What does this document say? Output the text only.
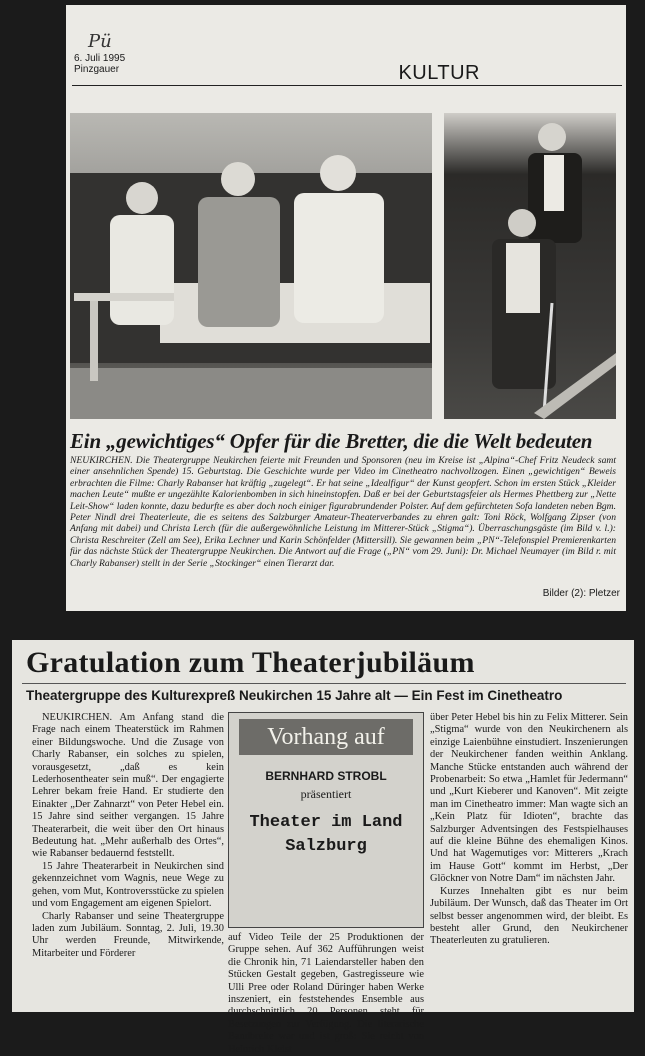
Pü
6. Juli 1995
Pinzgauer	KULTUR
Ein „gewichtiges“ Opfer für die Bretter, die die Welt bedeuten
NEUKIRCHEN. Die Theatergruppe Neukirchen feierte mit Freunden und Sponsoren (neu im Kreise ist „Alpina“-Chef Fritz Neudeck samt einer ansehnlichen Spende) 15. Geburtstag. Die Geschichte wurde per Video im Cinetheatro nachvollzogen. Einen „gewichtigen“ Beweis erbrachten die Filme: Charly Rabanser hat kräftig „zugelegt“. Er hat seine „Idealfigur“ der Kunst geopfert. Schon im ersten Stück „Kleider machen Leute“ mußte er ungezählte Kalorienbomben in sich hineinstopfen. Daß er bei der Geburtstagsfeier als Hermes Phettberg zur „Nette Leit-Show“ laden konnte, dazu bedurfte es aber doch noch einiger figurabrundender Polster. Auf dem gefürchteten Sofa landeten neben Bgm. Peter Nindl drei Theaterleute, die es seitens des Salzburger Amateur-Theaterverbandes zu ehren galt: Toni Röck, Wolfgang Zipser (von Anfang mit dabei) und Christa Lerch (für die außergewöhnliche Leistung im Mitterer-Stück „Stigma“). Überraschungsgäste (im Bild v. l.): Christa Reschreiter (Zell am See), Erika Lechner und Karin Schönfelder (Mittersill). Sie gewannen beim „PN“-Telefonspiel Premierenkarten für das nächste Stück der Theatergruppe Neukirchen. Die Antwort auf die Frage („PN“ vom 29. Juni): Dr. Michael Neumayer (im Bild r. mit Charly Rabanser) stellt in der Serie „Stockinger“ einen Tierarzt dar.
Bilder (2): Pletzer
Gratulation zum Theaterjubiläum
Theatergruppe des Kulturexpreß Neukirchen 15 Jahre alt — Ein Fest im Cinetheatro

NEUKIRCHEN. Am Anfang stand die Frage nach einem Theaterstück im Rahmen einer Bildungswoche. Und die Zusage von Charly Rabanser, ein solches zu spielen, vorausgesetzt, „daß es kein Lederhosentheater sein muß“. Der engagierte Lehrer bekam freie Hand. Er studierte den Einakter „Der Zahnarzt“ von Peter Hebel ein. 15 Jahre sind seither vergangen. 15 Jahre Theaterarbeit, die weit über den Ort hinaus Bedeutung hat. „Mehr außerhalb des Ortes“, wie Rabanser bedauernd feststellt.

15 Jahre Theaterarbeit in Neukirchen sind gekennzeichnet vom Wagnis, neue Wege zu gehen, vom Mut, Kontroversstücke zu spielen und vom Engagement am eigenen Spielort.

Charly Rabanser und seine Theatergruppe laden zum Jubiläum. Sonntag, 2. Juli, 19.30 Uhr werden Freunde, Mitwirkende, Mitarbeiter und Förderer

Vorhang auf
BERNHARD STROBL
präsentiert
Theater im Land Salzburg

auf Video Teile der 25 Produktionen der Gruppe sehen. Auf 362 Aufführungen weist die Chronik hin, 71 Laiendarsteller haben den Stücken Gestalt gegeben, Gastregisseure wie Ulli Pree oder Roland Düringer haben Werke inszeniert, ein feststehendes Ensemble aus durchschnittlich 20 Personen steht für Besetzungen zur Verfügung. Die literarische Bandbreite war und ist groß: Sie reicht von Heinrich Kleist

über Peter Hebel bis hin zu Felix Mitterer. Sein „Stigma“ wurde von den Neukirchenern als einzige Laienbühne einstudiert. Inszenierungen der Neukirchener fanden weithin Anklang. Manche Stücke entstanden auch während der Probenarbeit: So etwa „Hamlet für Jedermann“ und „Kurt Kieberer und Kanoven“. Mit zeigte man im Cinetheatro immer: Man wagte sich an „Kein Platz für Idioten“, brachte das Salzburger Adventsingen des Festspielhauses auf die kleine Bühne des ehemaligen Kinos. Und hat Wagemutiges vor: Mitterers „Krach im Hause Gott“ kommt im Herbst, „Der Glöckner von Notre Dam“ im nächsten Jahr.

Kurzes Innehalten gibt es nur beim Jubiläum. Der Wunsch, daß das Theater im Ort selbst besser angenommen wird, der bleibt. Es besteht aller Grund, den Neukirchener Theaterleuten zu gratulieren.
